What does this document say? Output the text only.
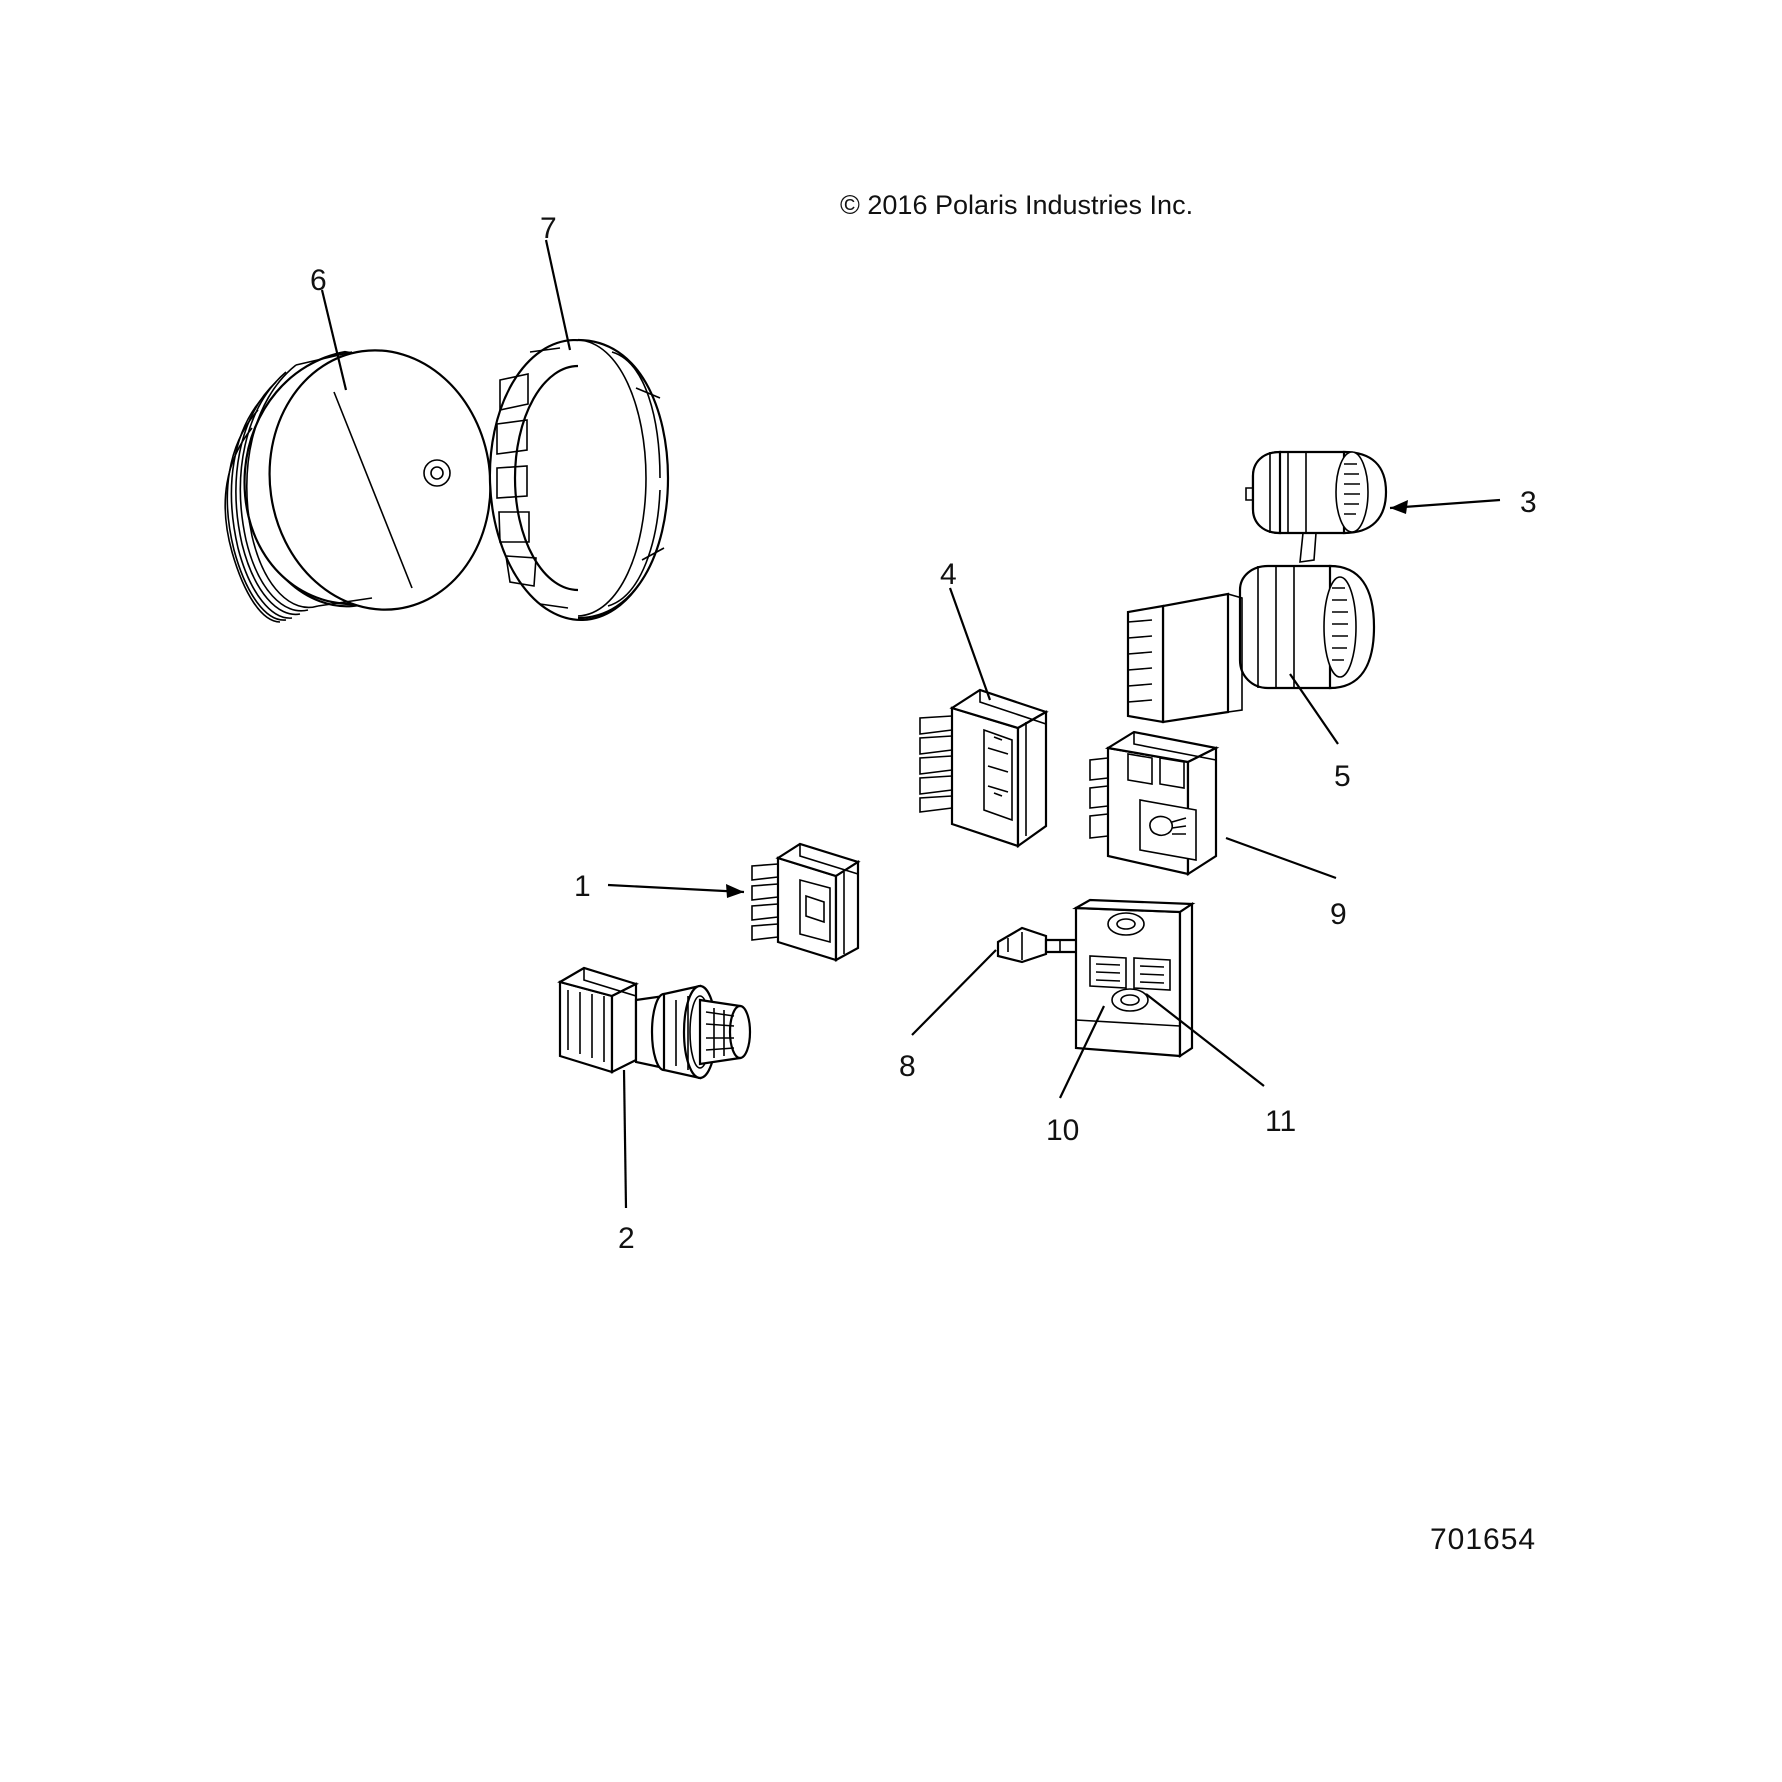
© 2016 Polaris Industries Inc.
701654
6
7
3
4
5
1
9
8
10	11
2
